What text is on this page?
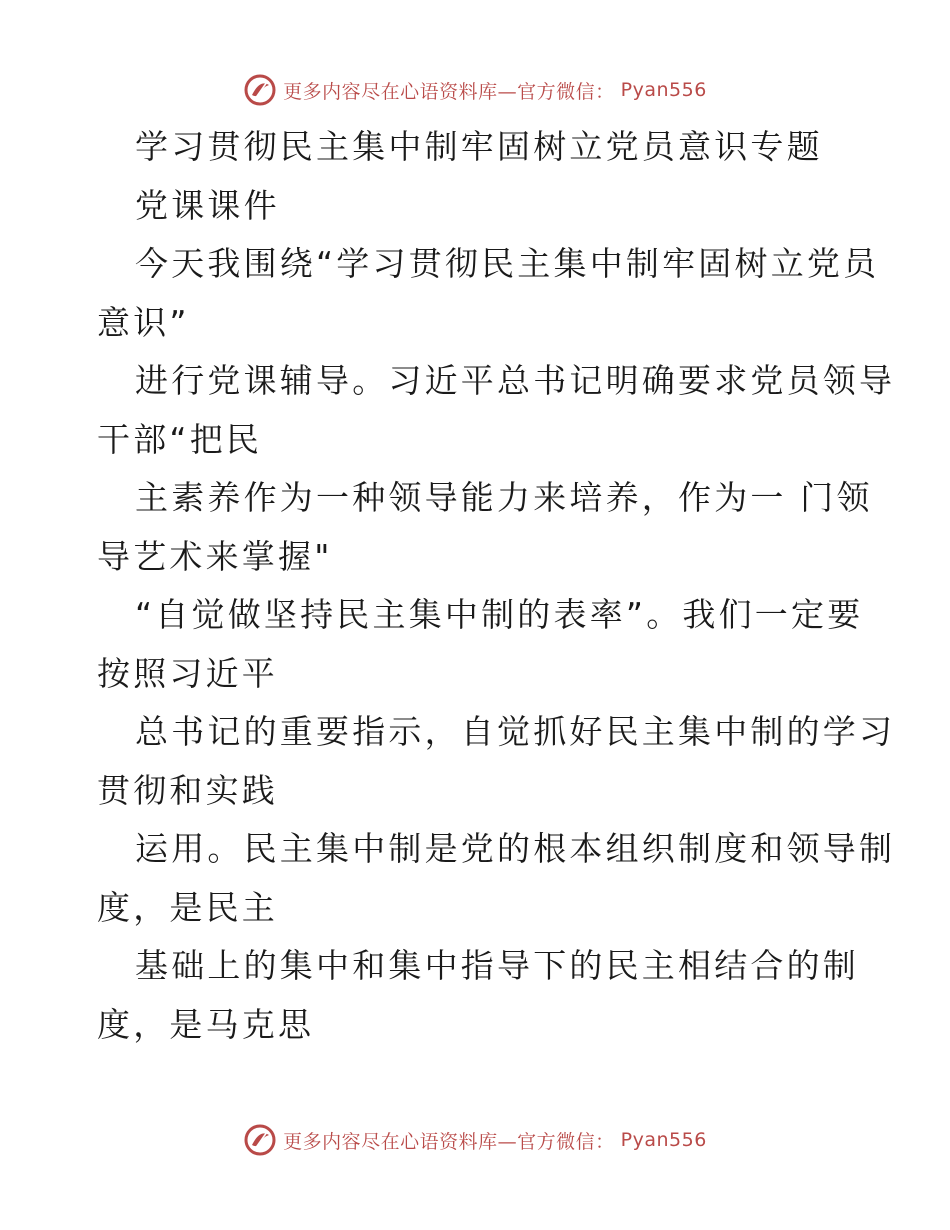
更多内容尽在心语资料库—官方微信： Pyan556
学习贯彻民主集中制牢固树立党员意识专题
党课课件
今天我围绕“学习贯彻民主集中制牢固树立党员
意识”
进行党课辅导。习近平总书记明确要求党员领导
干部“把民
主素养作为一种领导能力来培养，作为一 门领
导艺术来掌握"
“自觉做坚持民主集中制的表率”。我们一定要
按照习近平
总书记的重要指示，自觉抓好民主集中制的学习
贯彻和实践
运用。民主集中制是党的根本组织制度和领导制
度，是民主
基础上的集中和集中指导下的民主相结合的制
度，是马克思
更多内容尽在心语资料库—官方微信： Pyan556
